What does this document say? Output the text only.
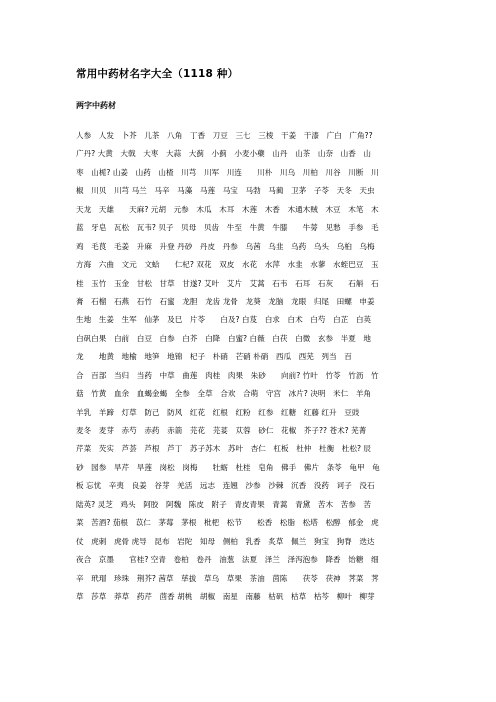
常用中药材名字大全（1118 种）
两字中药材
人参　人发　卜芥　儿茶　八角　丁香　刀豆　三七　三棱　干姜　干漆　广白　广角??
广丹? 大黄　大戟　大枣　大蒜　大蓟　小蓟　小麦小蘗　山丹　山茶　山奈　山香　山
枣　山栀? 山姜　山药　山楂　川芎　川军　川连　　川朴　川乌　川柏　川谷　川断　川
椒　川贝　川芎 马兰　马辛　马藻　马莲　马宝　马勃　马蔺　卫茅　子苓　天冬　天虫
天龙　天雄　　天麻? 元胡　元参　木瓜　木耳　木莲　木香　木通木贼　木豆　木笔　木
蓝　牙皂　瓦松　瓦韦? 贝子　贝母　贝齿　牛至　牛黄　牛膝　　牛蒡　见愁　手参　毛
鸡　毛茛　毛姜　升麻　升登 丹砂　丹皮　丹参　乌茜　乌韭　乌药　乌头　乌桕　乌梅
方海　六曲　文元　文蛤　　仁杞? 双花　双皮　水花　水萍　水韭　水蓼　水蛭巴豆　玉
桂　玉竹　玉金　甘松　甘草　甘遂? 艾叶　艾片　艾蒿　石韦　石耳　石灰　　石斛　石
膏　石榴　石燕　石竹　石蜜　龙胆　龙齿 龙骨　龙葵　龙脑　龙眼　归尾　田螺　申姜
生地　生姜　生军　仙茅　及巳　片苓　　白及? 白芨　白求　白术　白芍　白芷　白英
白矾白果　白前　白豆　白参　白芥　白降　白蜜? 白薇　白茯　白微　玄参　半夏　地
龙　　地黄　地榆　地笋　地锦　杞子　朴硝　芒硝 朴硝　西瓜　西芜　列当　百
合　百部　当归　当药　中草　曲莲　肉桂　肉果　朱砂　　向前? 竹叶　竹苓　竹沥　竹
菇　竹黄　血余　血蝎金蝎　全参　全草　合欢　合萌　守宫　冰片? 决明　米仁　羊角
羊乳　羊蹄　灯草　防己　防风　红花　红根　红粉　红参　红糖　红藤 红升　豆豉
麦冬　麦芽　赤芍　赤药　赤箭　芫花　芫荽　苁蓉　砂仁　花椒　芥子?? 苍术? 芜菁
芹菜　芡实　芦荟　芦根　芦丁　苏子苏木　苏叶　杏仁　杠板　杜仲　杜衡　杜松? 辰
砂　园参　旱芹　旱莲　岗松　岗梅　　牡蛎　杜桂　皂角　佛手　佛片　条苓　龟甲　龟
板 忘忧　辛夷　良姜　谷芽　羌活　远志　连翘　沙参　沙棘　沉香　没药　诃子　没石
陆英? 灵芝　鸡头　阿胶　阿魏　陈皮　附子　青皮青果　青蒿　青黛　苦木　苦参　苦
菜　苦酒? 茄根　苡仁　茅莓　茅根　枇杷　松节　　松香　松脂　松塔　松醇　郁金　虎
仗　虎刺　虎骨 虎导　昆布　岩陀　知母　侧柏　乳香　炙草　佩兰　狗宝　狗脊　迭达
夜合　京墨　　官桂? 空青　卷柏　卷丹　油葱　法夏　泽兰　泽泻泡参　降香　饴糖　细
辛　玳瑁　珍珠　荆芥? 茜草　荜拔　草乌　草果　茶油　茵陈　　茯苓　茯神　荠菜　荠
草　莎草　莽草　药芹　茴香 胡桃　胡椒　南星　南藤　枯矾　枯草　枯芩　柳叶　柳芽
